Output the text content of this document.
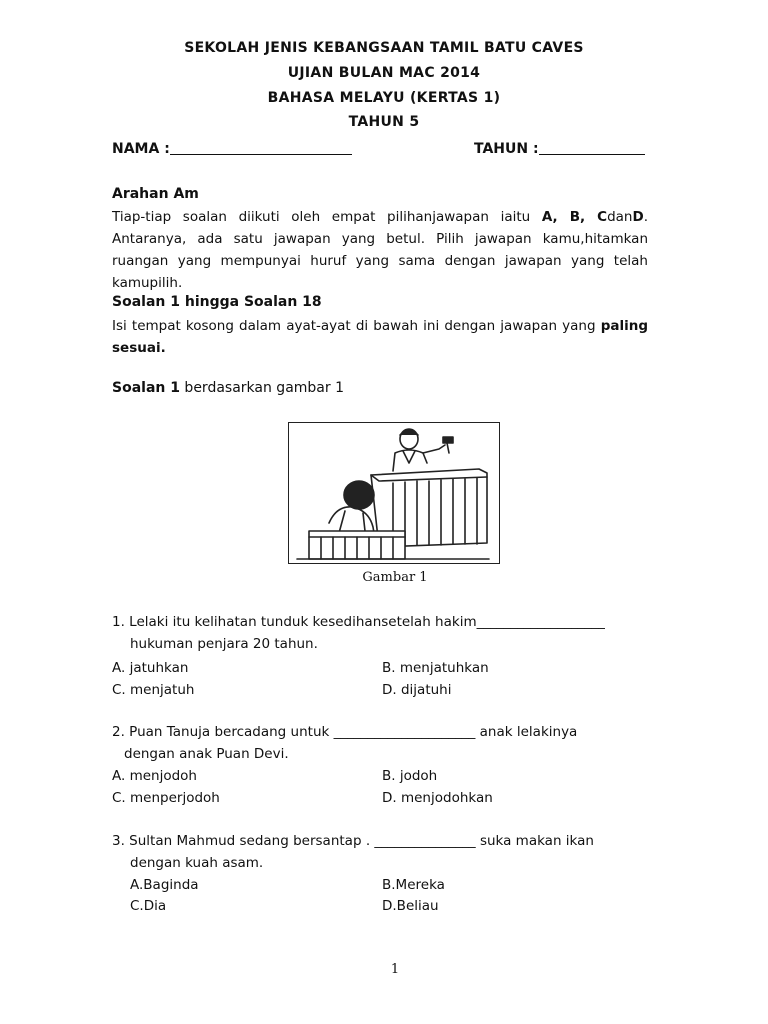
SEKOLAH JENIS KEBANGSAAN TAMIL BATU CAVES
UJIAN BULAN MAC 2014
BAHASA MELAYU (KERTAS 1)
TAHUN 5
NAMA :	TAHUN :
Arahan Am
Tiap-tiap soalan diikuti oleh empat pilihanjawapan iaitu A, B, CdanD. Antaranya, ada satu jawapan yang betul. Pilih jawapan kamu,hitamkan ruangan yang mempunyai huruf yang sama dengan jawapan yang telah kamupilih.
Soalan 1 hingga Soalan 18
Isi tempat kosong dalam ayat-ayat di bawah ini dengan jawapan yang paling sesuai.
Soalan 1 berdasarkan gambar 1
Gambar 1
1. Lelaki itu kelihatan tunduk kesedihansetelah hakim___________________
hukuman penjara 20 tahun.
A. jatuhkan	B. menjatuhkan
C. menjatuh	D. dijatuhi
2. Puan Tanuja bercadang untuk _____________________ anak lelakinya
dengan anak Puan Devi.
A. menjodoh	B. jodoh
C. menperjodoh	D. menjodohkan
3. Sultan Mahmud sedang bersantap . _______________ suka makan ikan
dengan kuah asam.
A.Baginda	B.Mereka
C.Dia	D.Beliau
1
